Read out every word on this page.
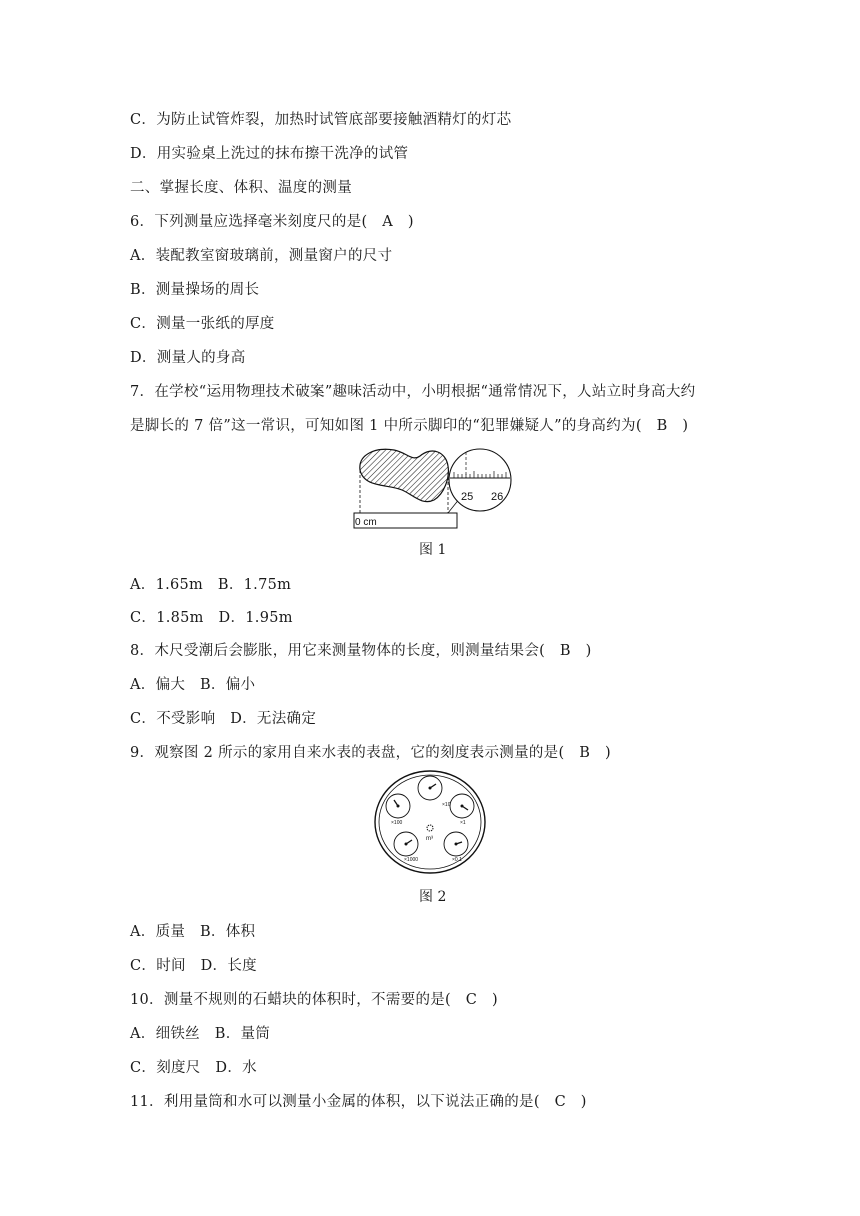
C．为防止试管炸裂，加热时试管底部要接触酒精灯的灯芯
D．用实验桌上洗过的抹布擦干洗净的试管
二、掌握长度、体积、温度的测量
6．下列测量应选择毫米刻度尺的是(　A　)
A．装配教室窗玻璃前，测量窗户的尺寸
B．测量操场的周长
C．测量一张纸的厚度
D．测量人的身高
7．在学校“运用物理技术破案”趣味活动中，小明根据“通常情况下，人站立时身高大约
是脚长的 7 倍”这一常识，可知如图 1 中所示脚印的“犯罪嫌疑人”的身高约为(　B　)
0 cm
25 26
图 1
A．1.65m　B．1.75m
C．1.85m　D．1.95m
8．木尺受潮后会膨胀，用它来测量物体的长度，则测量结果会(　B　)
A．偏大　B．偏小
C．不受影响　D．无法确定
9．观察图 2 所示的家用自来水表的表盘，它的刻度表示测量的是(　B　)
×10
×100	×1
×1000	×0.1
m³
图 2
A．质量　B．体积
C．时间　D．长度
10．测量不规则的石蜡块的体积时，不需要的是(　C　)
A．细铁丝　B．量筒
C．刻度尺　D．水
11．利用量筒和水可以测量小金属的体积，以下说法正确的是(　C　)
